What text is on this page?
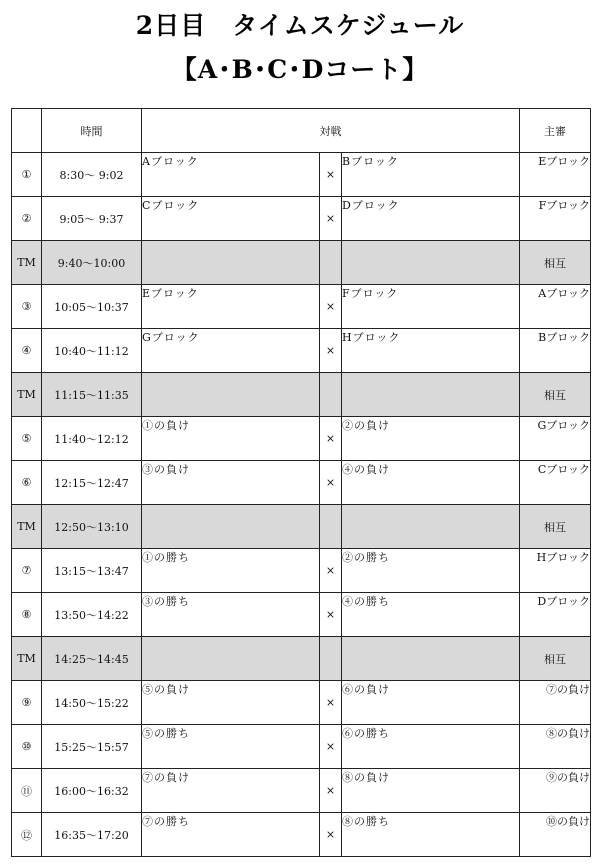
2日目　タイムスケジュール
【A･B･C･Dコート】
	時間	対戦			主審
①	8:30～ 9:02	Aブロック	×	Bブロック	Eブロック
②	9:05～ 9:37	Cブロック	×	Dブロック	Fブロック
TM	9:40～10:00				相互
③	10:05～10:37	Eブロック	×	Fブロック	Aブロック
④	10:40～11:12	Gブロック	×	Hブロック	Bブロック
TM	11:15～11:35				相互
⑤	11:40～12:12	①の負け	×	②の負け	Gブロック
⑥	12:15～12:47	③の負け	×	④の負け	Cブロック
TM	12:50～13:10				相互
⑦	13:15～13:47	①の勝ち	×	②の勝ち	Hブロック
⑧	13:50～14:22	③の勝ち	×	④の勝ち	Dブロック
TM	14:25～14:45				相互
⑨	14:50～15:22	⑤の負け	×	⑥の負け	⑦の負け
⑩	15:25～15:57	⑤の勝ち	×	⑥の勝ち	⑧の負け
⑪	16:00～16:32	⑦の負け	×	⑧の負け	⑨の負け
⑫	16:35～17:20	⑦の勝ち	×	⑧の勝ち	⑩の負け
